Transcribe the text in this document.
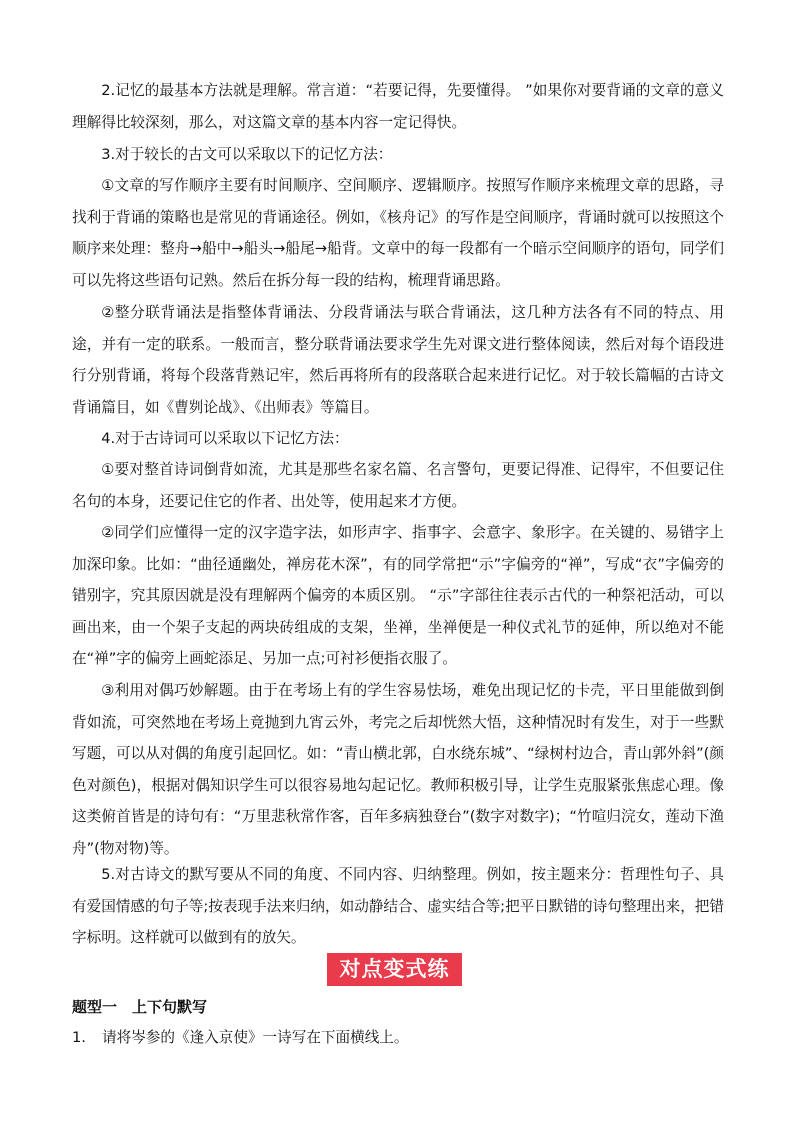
2.记忆的最基本方法就是理解。常言道：“若要记得，先要懂得。 ”如果你对要背诵的文章的意义理解得比较深刻，那么，对这篇文章的基本内容一定记得快。

3.对于较长的古文可以采取以下的记忆方法：

①文章的写作顺序主要有时间顺序、空间顺序、逻辑顺序。按照写作顺序来梳理文章的思路，寻找利于背诵的策略也是常见的背诵途径。例如，《核舟记》的写作是空间顺序，背诵时就可以按照这个顺序来处理：整舟→船中→船头→船尾→船背。文章中的每一段都有一个暗示空间顺序的语句，同学们可以先将这些语句记熟。然后在拆分每一段的结构，梳理背诵思路。

②整分联背诵法是指整体背诵法、分段背诵法与联合背诵法，这几种方法各有不同的特点、用途，并有一定的联系。一般而言，整分联背诵法要求学生先对课文进行整体阅读，然后对每个语段进行分别背诵，将每个段落背熟记牢，然后再将所有的段落联合起来进行记忆。对于较长篇幅的古诗文背诵篇目，如《曹刿论战》、《出师表》等篇目。

4.对于古诗词可以采取以下记忆方法：

①要对整首诗词倒背如流，尤其是那些名家名篇、名言警句，更要记得准、记得牢，不但要记住名句的本身，还要记住它的作者、出处等，使用起来才方便。

②同学们应懂得一定的汉字造字法，如形声字、指事字、会意字、象形字。在关键的、易错字上加深印象。比如：“曲径通幽处，禅房花木深”，有的同学常把“示”字偏旁的“禅”，写成“衣”字偏旁的错别字，究其原因就是没有理解两个偏旁的本质区别。 “示”字部往往表示古代的一种祭祀活动，可以画出来，由一个架子支起的两块砖组成的支架，坐禅，坐禅便是一种仪式礼节的延伸，所以绝对不能在“禅”字的偏旁上画蛇添足、另加一点;可衬衫便指衣服了。

③利用对偶巧妙解题。由于在考场上有的学生容易怯场，难免出现记忆的卡壳，平日里能做到倒背如流，可突然地在考场上竟抛到九宵云外，考完之后却恍然大悟，这种情况时有发生，对于一些默写题，可以从对偶的角度引起回忆。如：“青山横北郭，白水绕东城”、“绿树村边合，青山郭外斜”(颜色对颜色)，根据对偶知识学生可以很容易地勾起记忆。教师积极引导，让学生克服紧张焦虑心理。像这类俯首皆是的诗句有：“万里悲秋常作客，百年多病独登台”(数字对数字)；“竹喧归浣女，莲动下渔舟”(物对物)等。

5.对古诗文的默写要从不同的角度、不同内容、归纳整理。例如，按主题来分：哲理性句子、具有爱国情感的句子等;按表现手法来归纳，如动静结合、虚实结合等;把平日默错的诗句整理出来，把错字标明。这样就可以做到有的放矢。

对点变式练

题型一　上下句默写

1. 请将岑参的《逢入京使》一诗写在下面横线上。
